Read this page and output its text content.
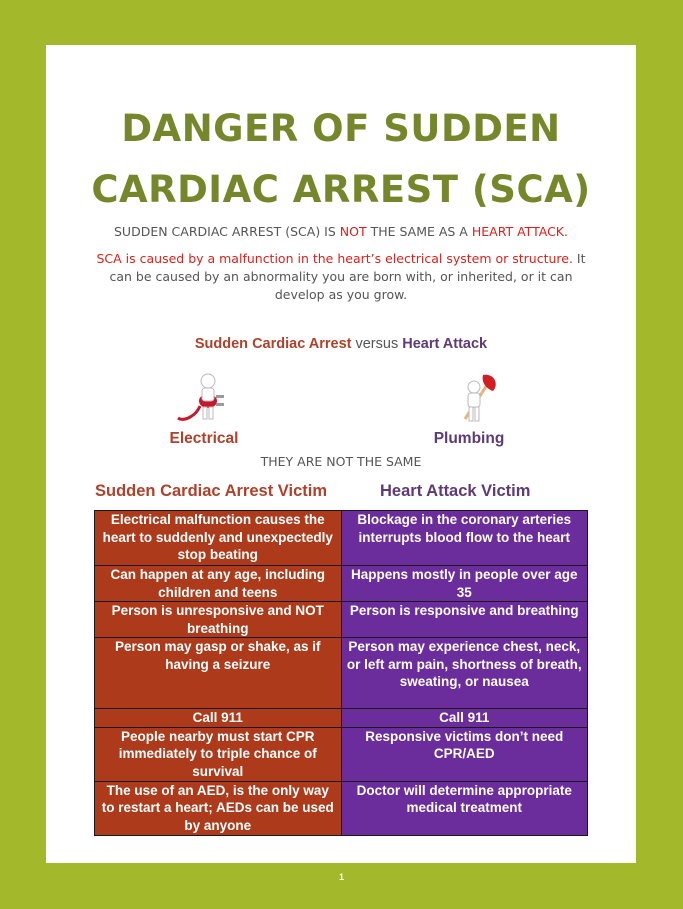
DANGER OF SUDDEN
CARDIAC ARREST (SCA)
SUDDEN CARDIAC ARREST (SCA) IS NOT THE SAME AS A HEART ATTACK.
SCA is caused by a malfunction in the heart’s electrical system or structure. It can be caused by an abnormality you are born with, or inherited, or it can develop as you grow.
Sudden Cardiac Arrest versus Heart Attack
Electrical	Plumbing
THEY ARE NOT THE SAME
Sudden Cardiac Arrest Victim	Heart Attack Victim
Electrical malfunction causes the heart to suddenly and unexpectedly stop beating	Blockage in the coronary arteries interrupts blood flow to the heart
Can happen at any age, including children and teens	Happens mostly in people over age 35
Person is unresponsive and NOT breathing	Person is responsive and breathing
Person may gasp or shake, as if having a seizure	Person may experience chest, neck, or left arm pain, shortness of breath, sweating, or nausea
Call 911	Call 911
People nearby must start CPR immediately to triple chance of survival	Responsive victims don’t need CPR/AED
The use of an AED, is the only way to restart a heart; AEDs can be used by anyone	Doctor will determine appropriate medical treatment
1
